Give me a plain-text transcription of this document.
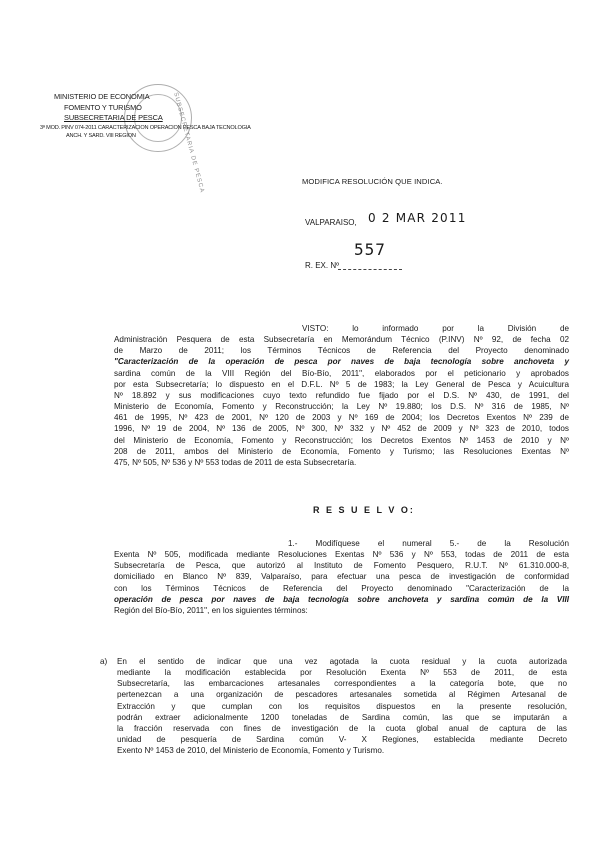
SUBSECRETARIA DE PESCA
MINISTERIO DE ECONOMIA
FOMENTO Y TURISMO
SUBSECRETARIA DE PESCA
3ª MOD. PINV 074-2011 CARACTERIZACION OPERACION PESCA BAJA TECNOLOGIA
ANCH. Y SARD. VIII REGION
MODIFICA RESOLUCIÓN QUE INDICA.
VALPARAISO, 0 2 MAR 2011
557
R. EX. Nº
VISTO: lo informado por la División de
Administración Pesquera de esta Subsecretaría en Memorándum Técnico (P.INV) Nº 92, de fecha 02
de Marzo de 2011; los Términos Técnicos de Referencia del Proyecto denominado
"Caracterización de la operación de pesca por naves de baja tecnología sobre anchoveta y
sardina común de la VIII Región del Bío-Bío, 2011", elaborados por el peticionario y aprobados
por esta Subsecretaría; lo dispuesto en el D.F.L. Nº 5 de 1983; la Ley General de Pesca y Acuicultura
Nº 18.892 y sus modificaciones cuyo texto refundido fue fijado por el D.S. Nº 430, de 1991, del
Ministerio de Economía, Fomento y Reconstrucción; la Ley Nº 19.880; los D.S. Nº 316 de 1985, Nº
461 de 1995, Nº 423 de 2001, Nº 120 de 2003 y Nº 169 de 2004; los Decretos Exentos Nº 239 de
1996, Nº 19 de 2004, Nº 136 de 2005, Nº 300, Nº 332 y Nº 452 de 2009 y Nº 323 de 2010, todos
del Ministerio de Economía, Fomento y Reconstrucción; los Decretos Exentos Nº 1453 de 2010 y Nº
208 de 2011, ambos del Ministerio de Economía, Fomento y Turismo; las Resoluciones Exentas Nº
475, Nº 505, Nº 536 y Nº 553 todas de 2011 de esta Subsecretaría.
R E S U E L V O:
1.- Modifíquese el numeral 5.- de la Resolución
Exenta Nº 505, modificada mediante Resoluciones Exentas Nº 536 y Nº 553, todas de 2011 de esta
Subsecretaría de Pesca, que autorizó al Instituto de Fomento Pesquero, R.U.T. Nº 61.310.000-8,
domiciliado en Blanco Nº 839, Valparaíso, para efectuar una pesca de investigación de conformidad
con los Términos Técnicos de Referencia del Proyecto denominado "Caracterización de la
operación de pesca por naves de baja tecnología sobre anchoveta y sardina común de la VIII
Región del Bío-Bío, 2011", en los siguientes términos:
a) En el sentido de indicar que una vez agotada la cuota residual y la cuota autorizada
mediante la modificación establecida por Resolución Exenta Nº 553 de 2011, de esta
Subsecretaría, las embarcaciones artesanales correspondientes a la categoría bote, que no
pertenezcan a una organización de pescadores artesanales sometida al Régimen Artesanal de
Extracción y que cumplan con los requisitos dispuestos en la presente resolución,
podrán extraer adicionalmente 1200 toneladas de Sardina común, las que se imputarán a
la fracción reservada con fines de investigación de la cuota global anual de captura de las
unidad de pesquería de Sardina común V- X Regiones, establecida mediante Decreto
Exento Nº 1453 de 2010, del Ministerio de Economía, Fomento y Turismo.
